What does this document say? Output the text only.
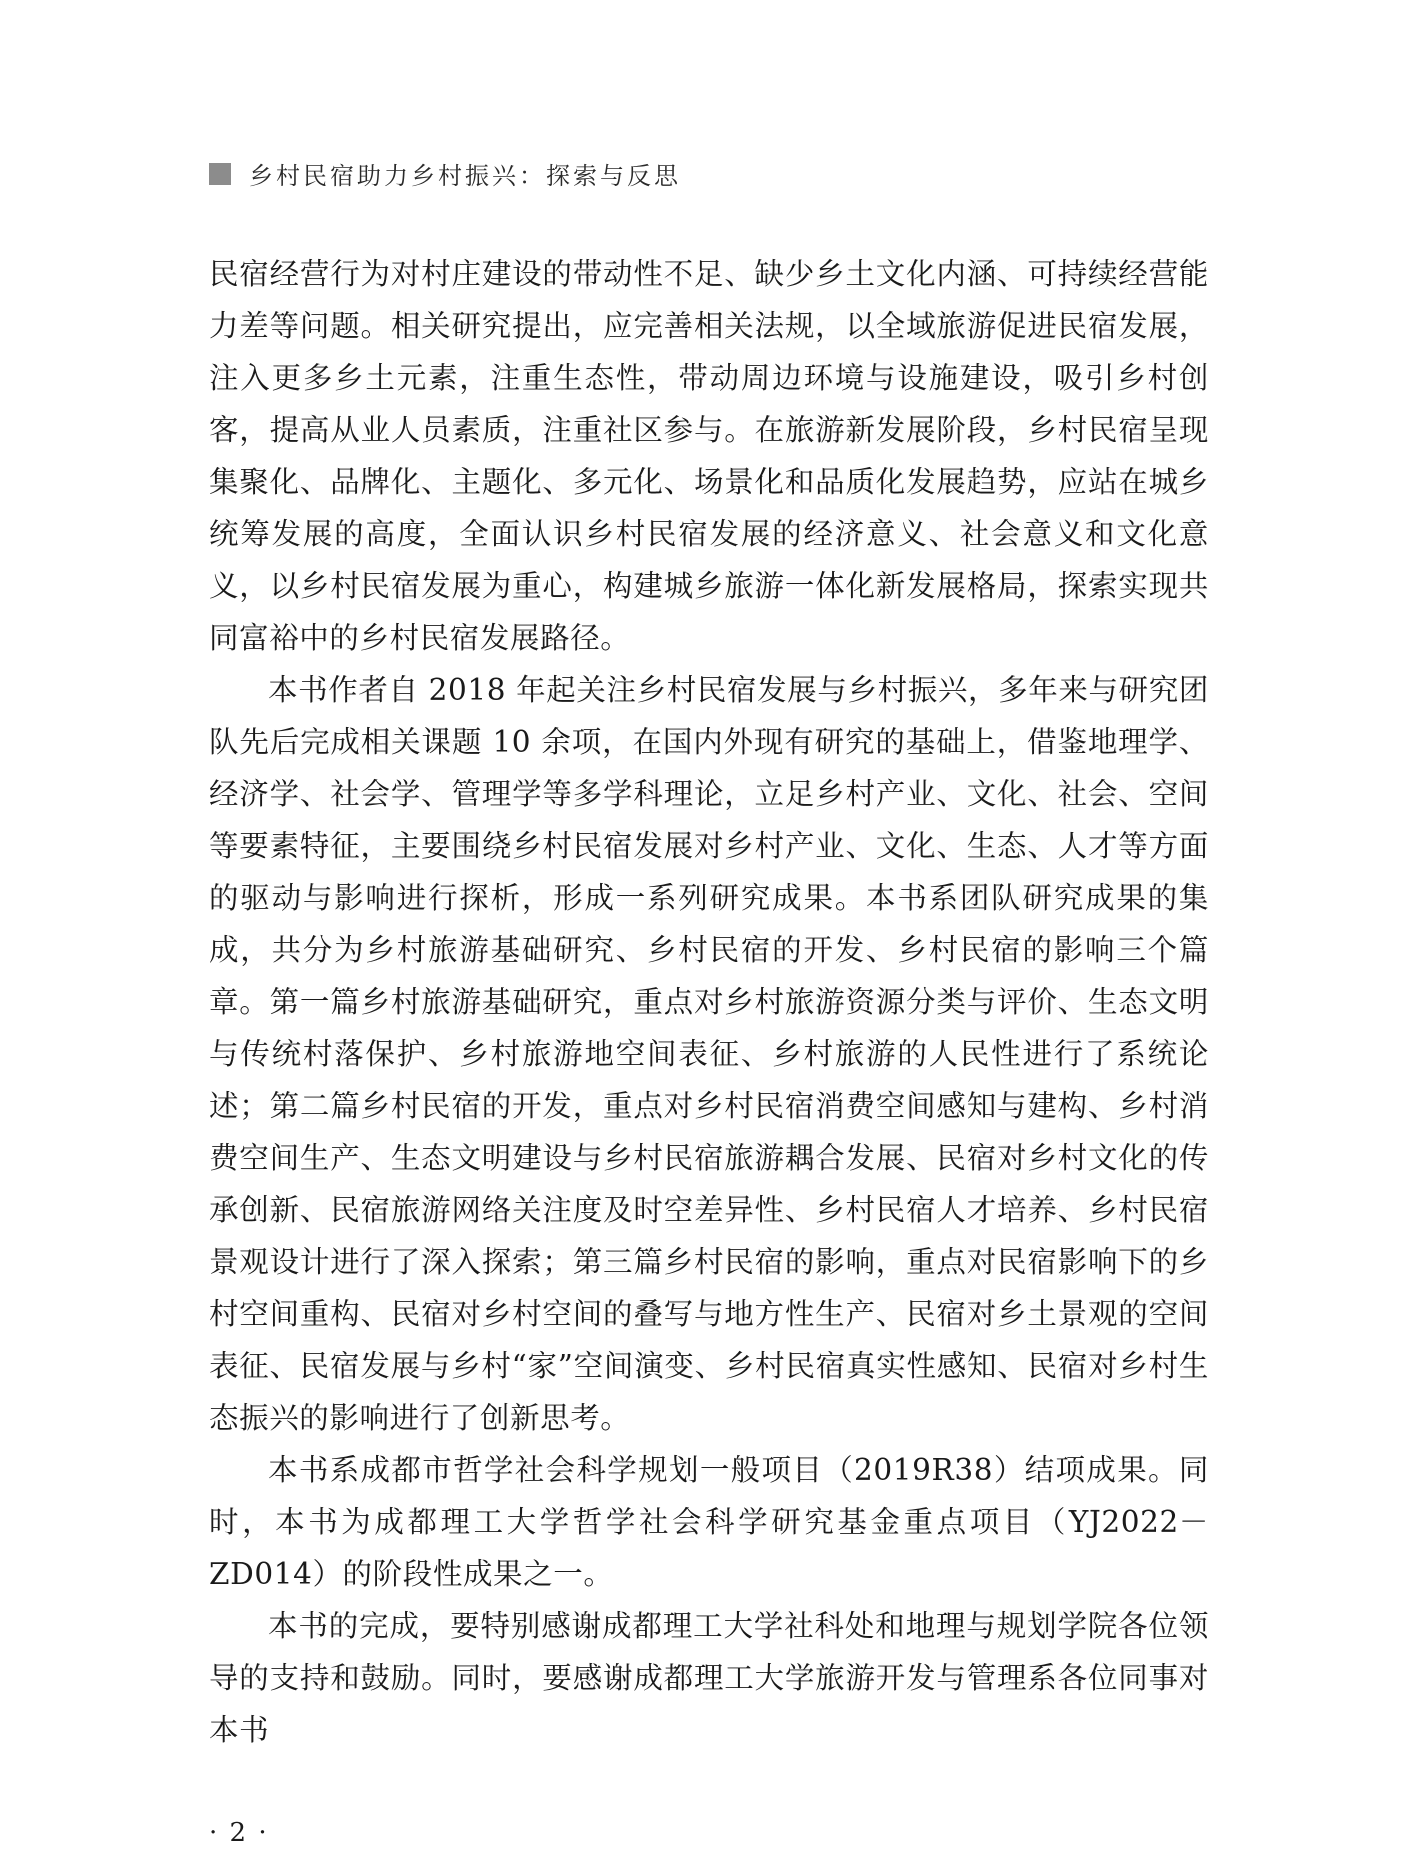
乡村民宿助力乡村振兴：探索与反思

民宿经营行为对村庄建设的带动性不足、缺少乡土文化内涵、可持续经营能力差等问题。相关研究提出，应完善相关法规，以全域旅游促进民宿发展，注入更多乡土元素，注重生态性，带动周边环境与设施建设，吸引乡村创客，提高从业人员素质，注重社区参与。在旅游新发展阶段，乡村民宿呈现集聚化、品牌化、主题化、多元化、场景化和品质化发展趋势，应站在城乡统筹发展的高度，全面认识乡村民宿发展的经济意义、社会意义和文化意义，以乡村民宿发展为重心，构建城乡旅游一体化新发展格局，探索实现共同富裕中的乡村民宿发展路径。

本书作者自 2018 年起关注乡村民宿发展与乡村振兴，多年来与研究团队先后完成相关课题 10 余项，在国内外现有研究的基础上，借鉴地理学、经济学、社会学、管理学等多学科理论，立足乡村产业、文化、社会、空间等要素特征，主要围绕乡村民宿发展对乡村产业、文化、生态、人才等方面的驱动与影响进行探析，形成一系列研究成果。本书系团队研究成果的集成，共分为乡村旅游基础研究、乡村民宿的开发、乡村民宿的影响三个篇章。第一篇乡村旅游基础研究，重点对乡村旅游资源分类与评价、生态文明与传统村落保护、乡村旅游地空间表征、乡村旅游的人民性进行了系统论述；第二篇乡村民宿的开发，重点对乡村民宿消费空间感知与建构、乡村消费空间生产、生态文明建设与乡村民宿旅游耦合发展、民宿对乡村文化的传承创新、民宿旅游网络关注度及时空差异性、乡村民宿人才培养、乡村民宿景观设计进行了深入探索；第三篇乡村民宿的影响，重点对民宿影响下的乡村空间重构、民宿对乡村空间的叠写与地方性生产、民宿对乡土景观的空间表征、民宿发展与乡村“家”空间演变、乡村民宿真实性感知、民宿对乡村生态振兴的影响进行了创新思考。

本书系成都市哲学社会科学规划一般项目（2019R38）结项成果。同时，本书为成都理工大学哲学社会科学研究基金重点项目（YJ2022－ZD014）的阶段性成果之一。

本书的完成，要特别感谢成都理工大学社科处和地理与规划学院各位领导的支持和鼓励。同时，要感谢成都理工大学旅游开发与管理系各位同事对本书

· 2 ·
